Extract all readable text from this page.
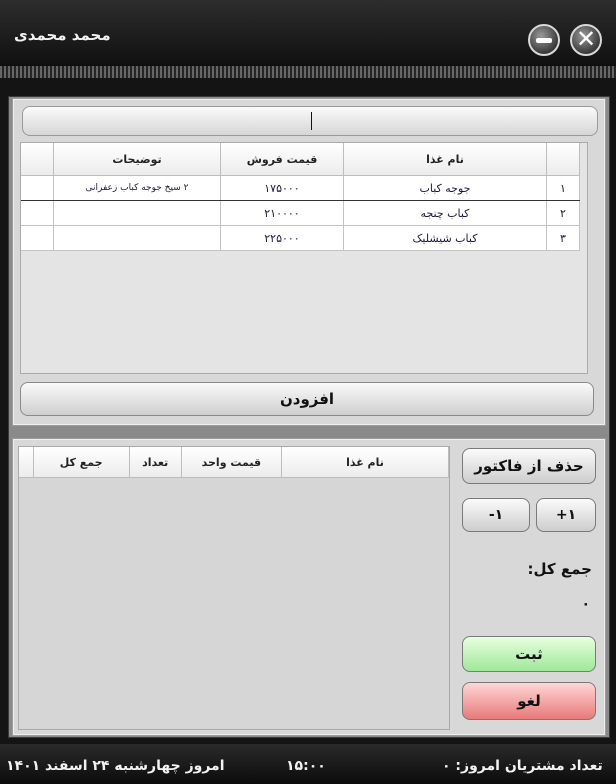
محمد محمدی	✕
	نام غذا	قیمت فروش	توضیحات	
۱	جوجه کباب	۱۷۵۰۰۰	۲ سیخ جوجه کباب زعفرانی	
۲	کباب چنجه	۲۱۰۰۰۰		
۳	کباب شیشلیک	۲۲۵۰۰۰		
افزودن
نام غذا	قیمت واحد	تعداد	جمع کل		حذف از فاکتور
+۱
-۱
جمع کل:
۰
ثبت
لغو
امروز چهارشنبه ۲۴ اسفند ۱۴۰۱	۱۵:۰۰	تعداد مشتریان امروز: ۰
